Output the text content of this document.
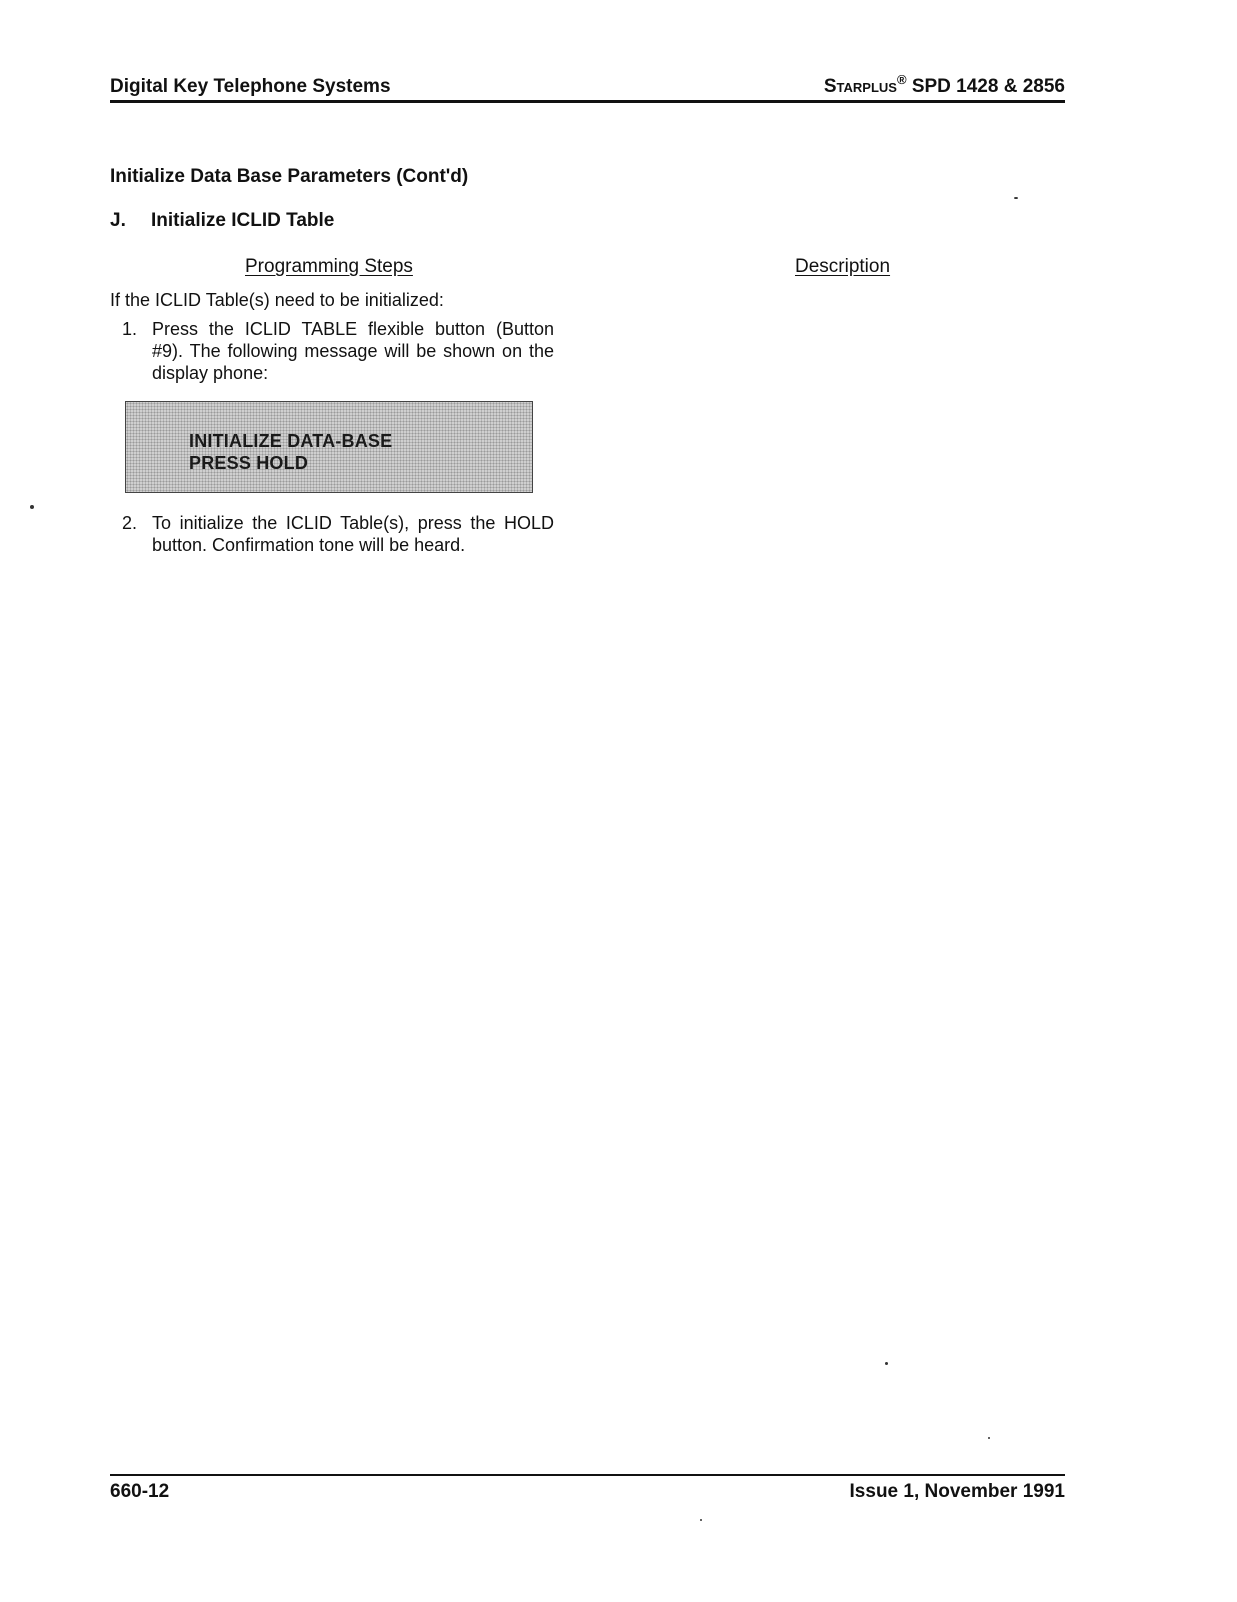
Digital Key Telephone Systems	Starplus® SPD 1428 & 2856
Initialize Data Base Parameters (Cont'd)
J. Initialize ICLID Table
Programming Steps	Description
If the ICLID Table(s) need to be initialized:
1. Press the ICLID TABLE flexible button (Button #9). The following message will be shown on the display phone:
INITIALIZE DATA-BASE
PRESS HOLD
2. To initialize the ICLID Table(s), press the HOLD button. Confirmation tone will be heard.
660-12	Issue 1, November 1991
